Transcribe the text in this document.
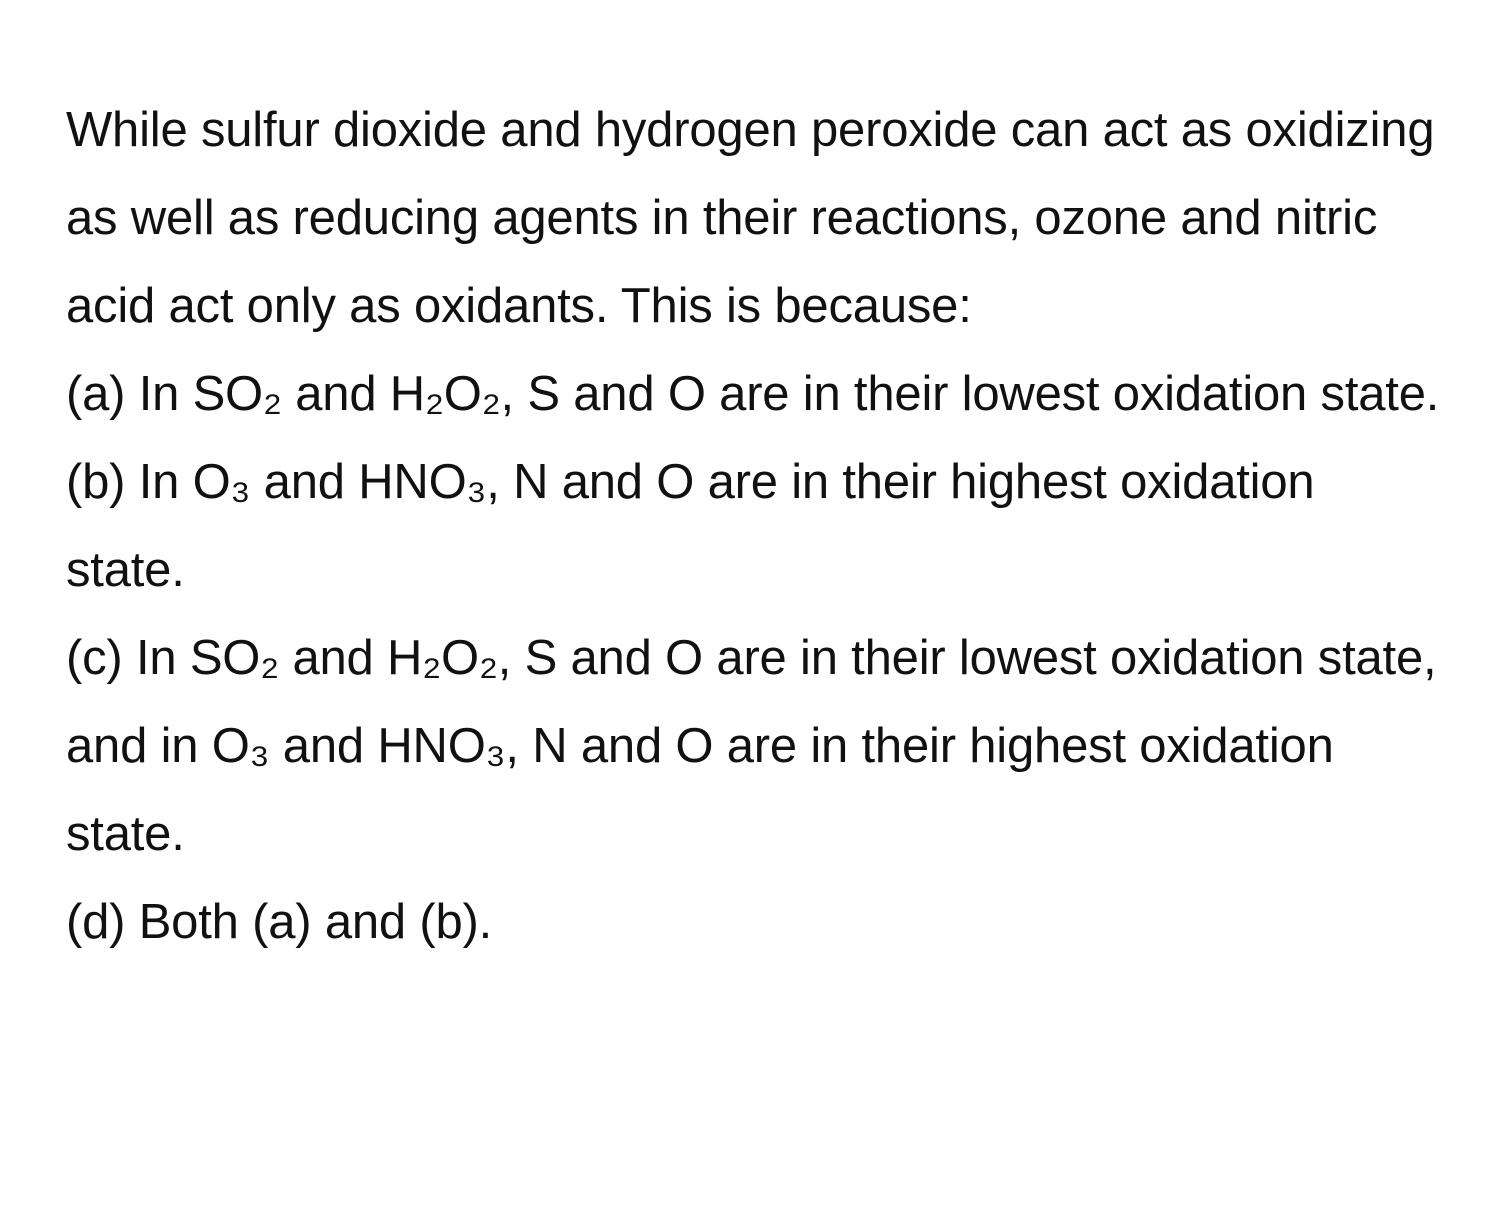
While sulfur dioxide and hydrogen peroxide can act as oxidizing as well as reducing agents in their reactions, ozone and nitric acid act only as oxidants. This is because:

(a) In SO₂ and H₂O₂, S and O are in their lowest oxidation state.

(b) In O₃ and HNO₃, N and O are in their highest oxidation state.

(c) In SO₂ and H₂O₂, S and O are in their lowest oxidation state, and in O₃ and HNO₃, N and O are in their highest oxidation state.

(d) Both (a) and (b).
